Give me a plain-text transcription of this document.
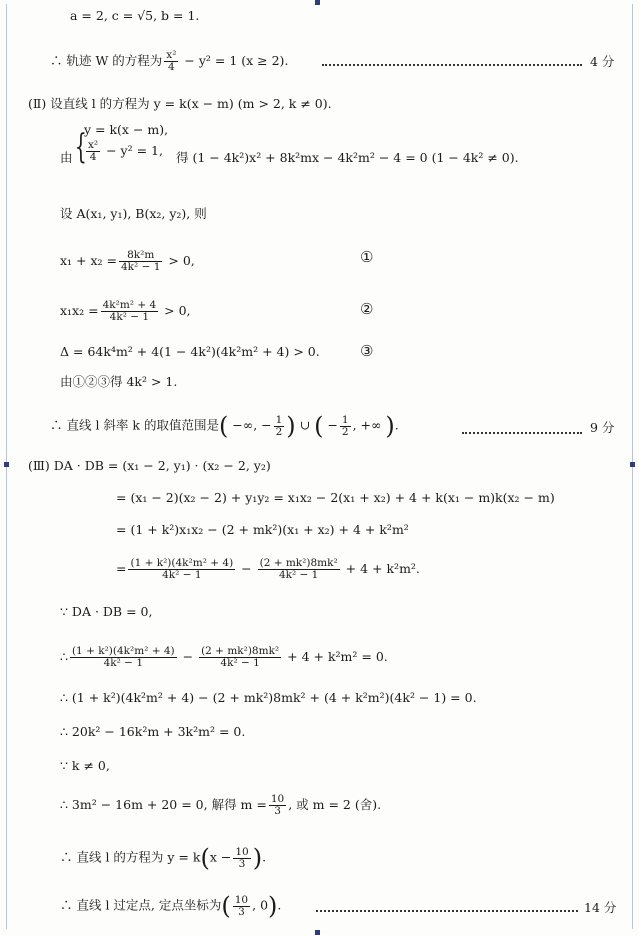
a = 2, c = √5, b = 1.
∴ 轨迹 W 的方程为 $\frac{\text{x²}}{4} - y^2 = 1$ (x ≥ 2).	4 分
(Ⅱ) 设直线 l 的方程为 y = k(x − m) (m > 2, k ≠ 0).
由 {
y = k(x − m),
$\frac{\text{x²}}{4} - y^2 = 1$,	得 (1 − 4k²)x² + 8k²mx − 4k²m² − 4 = 0 (1 − 4k² ≠ 0).
设 A(x₁, y₁), B(x₂, y₂), 则
$x_1 + x_2 = \frac{\text{8k²m}}{\text{4k² − 1}} > 0$,	①
$x_1x_2 = \frac{\text{4k²m² + 4}}{\text{4k² − 1}} > 0$,	②
Δ = 64k⁴m² + 4(1 − 4k²)(4k²m² + 4) > 0.	③
由①②③得 4k² > 1.
∴ 直线 l 斜率 k 的取值范围是( −∞, − $\frac{1}{2}$ ) ∪ ( − $\frac{1}{2}$ , +∞ ).	9 分
(Ⅲ) DA · DB = (x₁ − 2, y₁) · (x₂ − 2, y₂)
= (x₁ − 2)(x₂ − 2) + y₁y₂ = x₁x₂ − 2(x₁ + x₂) + 4 + k(x₁ − m)k(x₂ − m)
= (1 + k²)x₁x₂ − (2 + mk²)(x₁ + x₂) + 4 + k²m²
= $\frac{\text{(1 + k²)(4k²m² + 4)}}{\text{4k² − 1}} - \frac{\text{(2 + mk²)8mk²}}{\text{4k² − 1}} + 4 + k^2m^2$.
∵ DA · DB = 0,
∴ $\frac{\text{(1 + k²)(4k²m² + 4)}}{\text{4k² − 1}} - \frac{\text{(2 + mk²)8mk²}}{\text{4k² − 1}} + 4 + k^2m^2 = 0$.
∴ (1 + k²)(4k²m² + 4) − (2 + mk²)8mk² + (4 + k²m²)(4k² − 1) = 0.
∴ 20k² − 16k²m + 3k²m² = 0.
∵ k ≠ 0,
∴ 3m² − 16m + 20 = 0, 解得 $m = \frac{10}{3}$ , 或 m = 2 (舍).
∴ 直线 l 的方程为 $y = k(x - \frac{10}{3}$ ).
∴ 直线 l 过定点, 定点坐标为( $\frac{10}{3}$ , 0).	14 分
